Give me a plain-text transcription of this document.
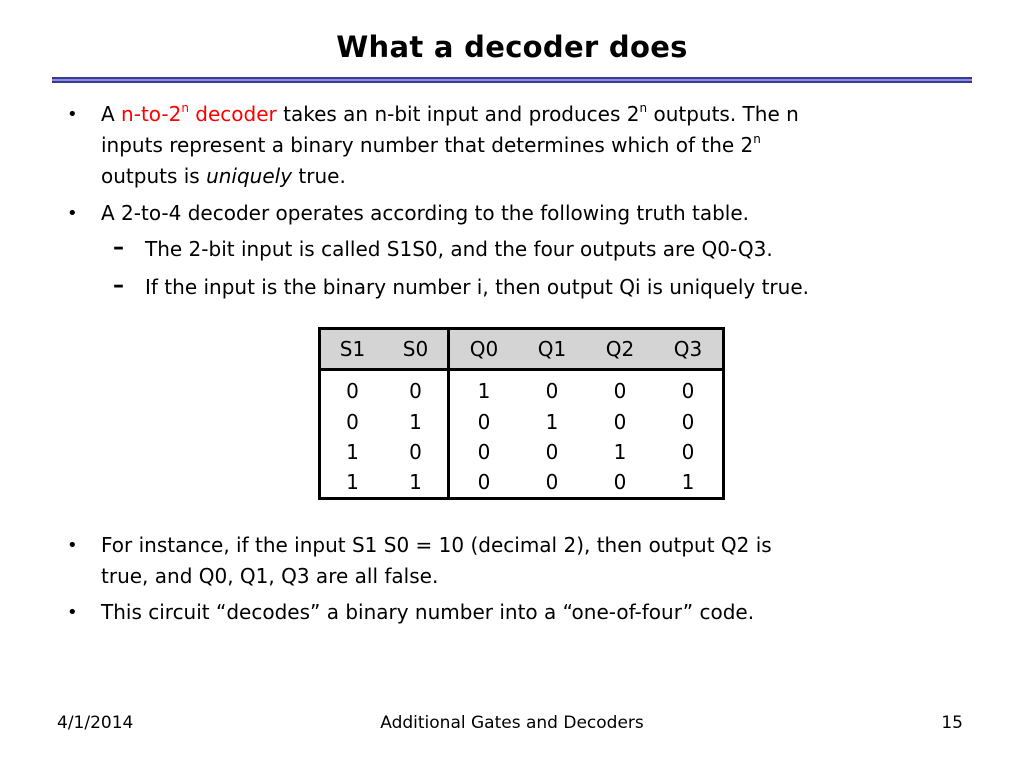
What a decoder does
• A n-to-2$^n$ decoder takes an n-bit input and produces 2$^n$ outputs. The n
inputs represent a binary number that determines which of the 2$^n$
outputs is uniquely true.
• A 2-to-4 decoder operates according to the following truth table.
– The 2-bit input is called S1S0, and the four outputs are Q0-Q3.
– If the input is the binary number i, then output Qi is uniquely true.
S1	S0	Q0	Q1	Q2	Q3
0	0	1	0	0	0
0	1	0	1	0	0
1	0	0	0	1	0
1	1	0	0	0	1
• For instance, if the input S1 S0 = 10 (decimal 2), then output Q2 is
true, and Q0, Q1, Q3 are all false.
• This circuit “decodes” a binary number into a “one-of-four” code.
4/1/2014	Additional Gates and Decoders	15
